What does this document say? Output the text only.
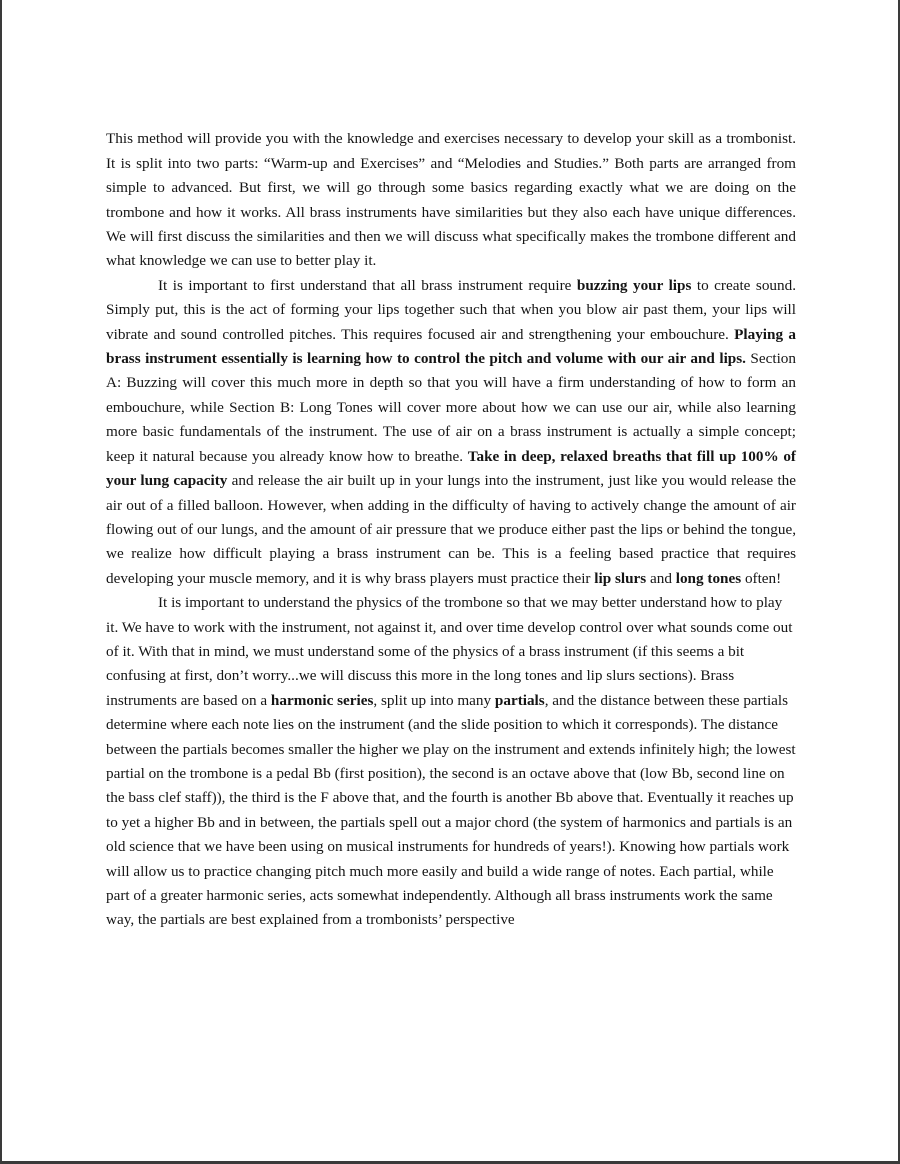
This method will provide you with the knowledge and exercises necessary to develop your skill as a trombonist. It is split into two parts: “Warm-up and Exercises” and “Melodies and Studies.” Both parts are arranged from simple to advanced. But first, we will go through some basics regarding exactly what we are doing on the trombone and how it works. All brass instruments have similarities but they also each have unique differences. We will first discuss the similarities and then we will discuss what specifically makes the trombone different and what knowledge we can use to better play it.

It is important to first understand that all brass instrument require buzzing your lips to create sound. Simply put, this is the act of forming your lips together such that when you blow air past them, your lips will vibrate and sound controlled pitches. This requires focused air and strengthening your embouchure. Playing a brass instrument essentially is learning how to control the pitch and volume with our air and lips. Section A: Buzzing will cover this much more in depth so that you will have a firm understanding of how to form an embouchure, while Section B: Long Tones will cover more about how we can use our air, while also learning more basic fundamentals of the instrument. The use of air on a brass instrument is actually a simple concept; keep it natural because you already know how to breathe. Take in deep, relaxed breaths that fill up 100% of your lung capacity and release the air built up in your lungs into the instrument, just like you would release the air out of a filled balloon. However, when adding in the difficulty of having to actively change the amount of air flowing out of our lungs, and the amount of air pressure that we produce either past the lips or behind the tongue, we realize how difficult playing a brass instrument can be. This is a feeling based practice that requires developing your muscle memory, and it is why brass players must practice their lip slurs and long tones often!

It is important to understand the physics of the trombone so that we may better understand how to play it. We have to work with the instrument, not against it, and over time develop control over what sounds come out of it. With that in mind, we must understand some of the physics of a brass instrument (if this seems a bit confusing at first, don’t worry...we will discuss this more in the long tones and lip slurs sections). Brass instruments are based on a harmonic series, split up into many partials, and the distance between these partials determine where each note lies on the instrument (and the slide position to which it corresponds). The distance between the partials becomes smaller the higher we play on the instrument and extends infinitely high; the lowest partial on the trombone is a pedal Bb (first position), the second is an octave above that (low Bb, second line on the bass clef staff)), the third is the F above that, and the fourth is another Bb above that. Eventually it reaches up to yet a higher Bb and in between, the partials spell out a major chord (the system of harmonics and partials is an old science that we have been using on musical instruments for hundreds of years!). Knowing how partials work will allow us to practice changing pitch much more easily and build a wide range of notes. Each partial, while part of a greater harmonic series, acts somewhat independently. Although all brass instruments work the same way, the partials are best explained from a trombonists’ perspective
